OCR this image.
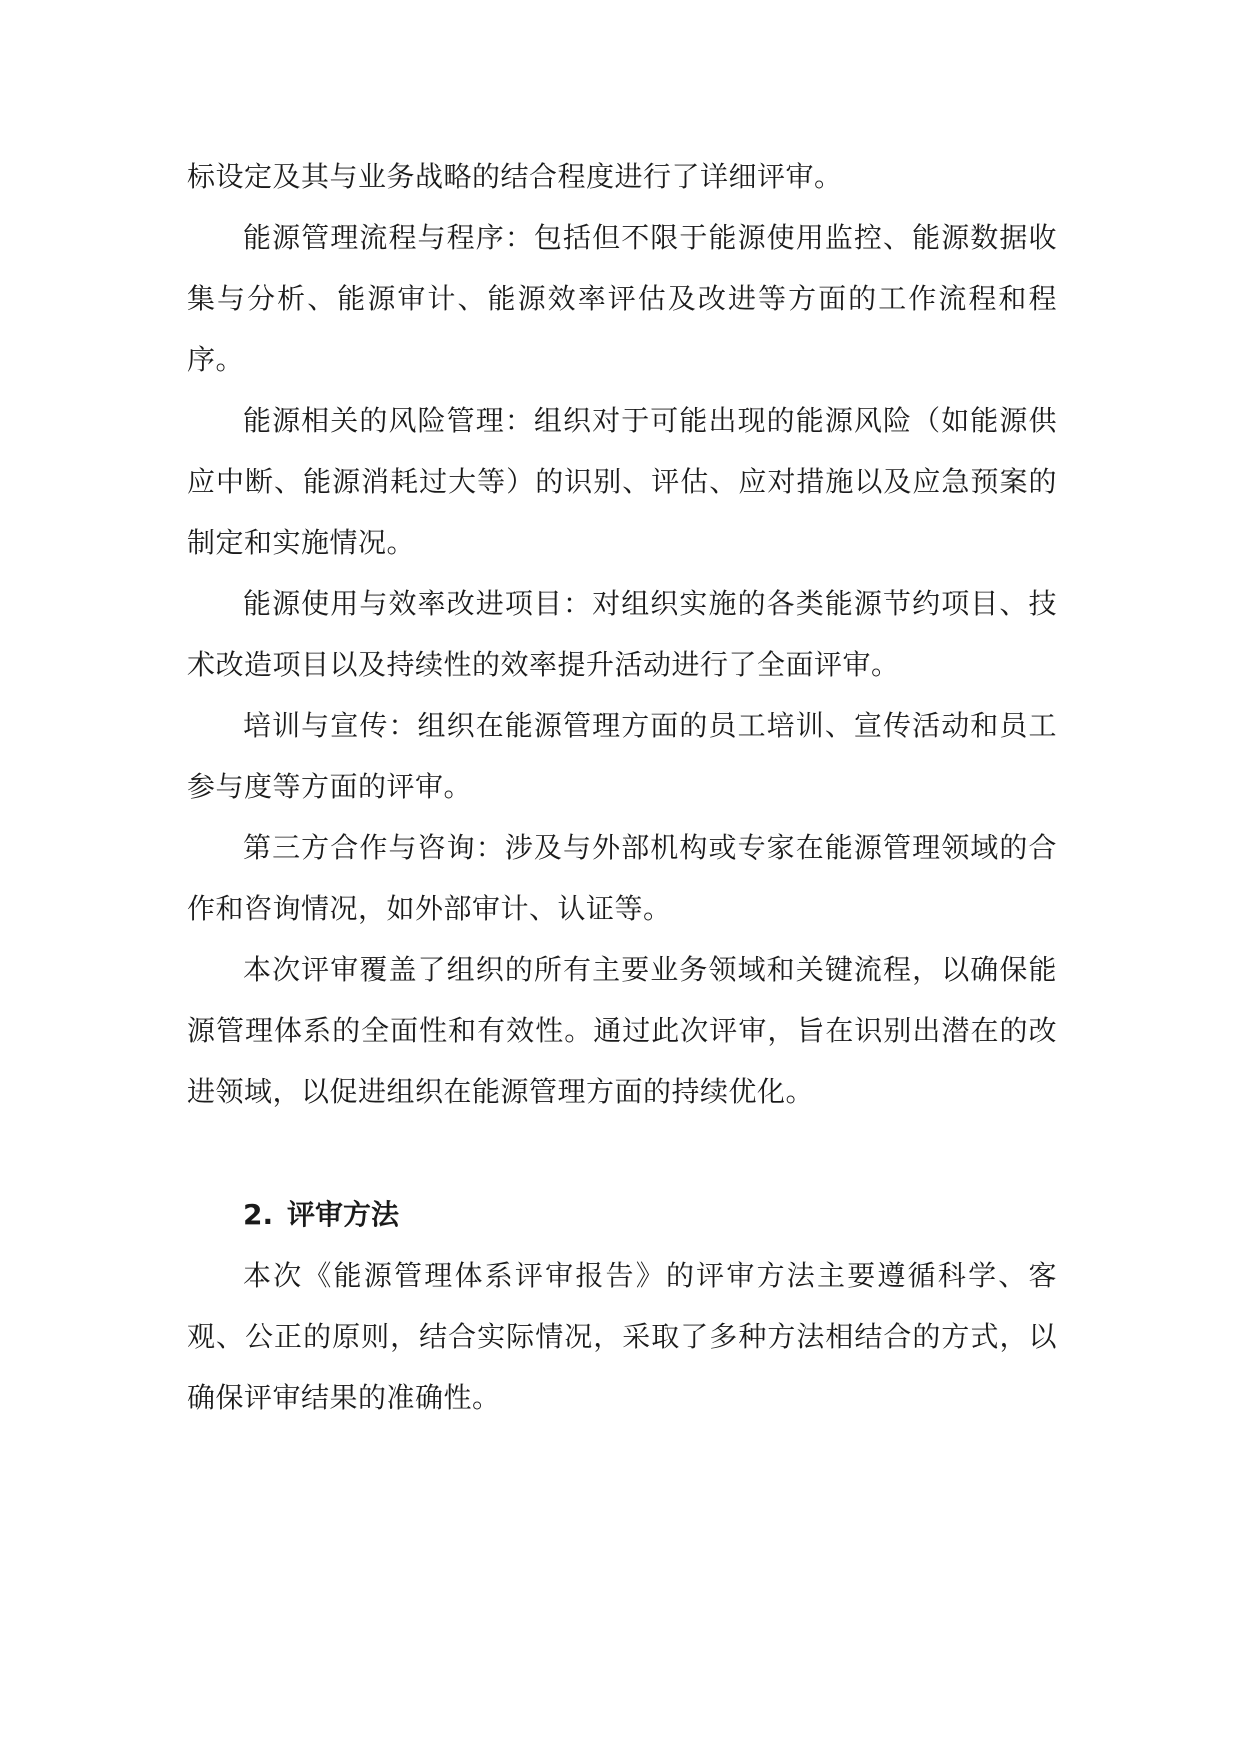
标设定及其与业务战略的结合程度进行了详细评审。

能源管理流程与程序：包括但不限于能源使用监控、能源数据收集与分析、能源审计、能源效率评估及改进等方面的工作流程和程序。

能源相关的风险管理：组织对于可能出现的能源风险（如能源供应中断、能源消耗过大等）的识别、评估、应对措施以及应急预案的制定和实施情况。

能源使用与效率改进项目：对组织实施的各类能源节约项目、技术改造项目以及持续性的效率提升活动进行了全面评审。

培训与宣传：组织在能源管理方面的员工培训、宣传活动和员工参与度等方面的评审。

第三方合作与咨询：涉及与外部机构或专家在能源管理领域的合作和咨询情况，如外部审计、认证等。

本次评审覆盖了组织的所有主要业务领域和关键流程，以确保能源管理体系的全面性和有效性。通过此次评审，旨在识别出潜在的改进领域，以促进组织在能源管理方面的持续优化。

2. 评审方法

本次《能源管理体系评审报告》的评审方法主要遵循科学、客观、公正的原则，结合实际情况，采取了多种方法相结合的方式，以确保评审结果的准确性。
